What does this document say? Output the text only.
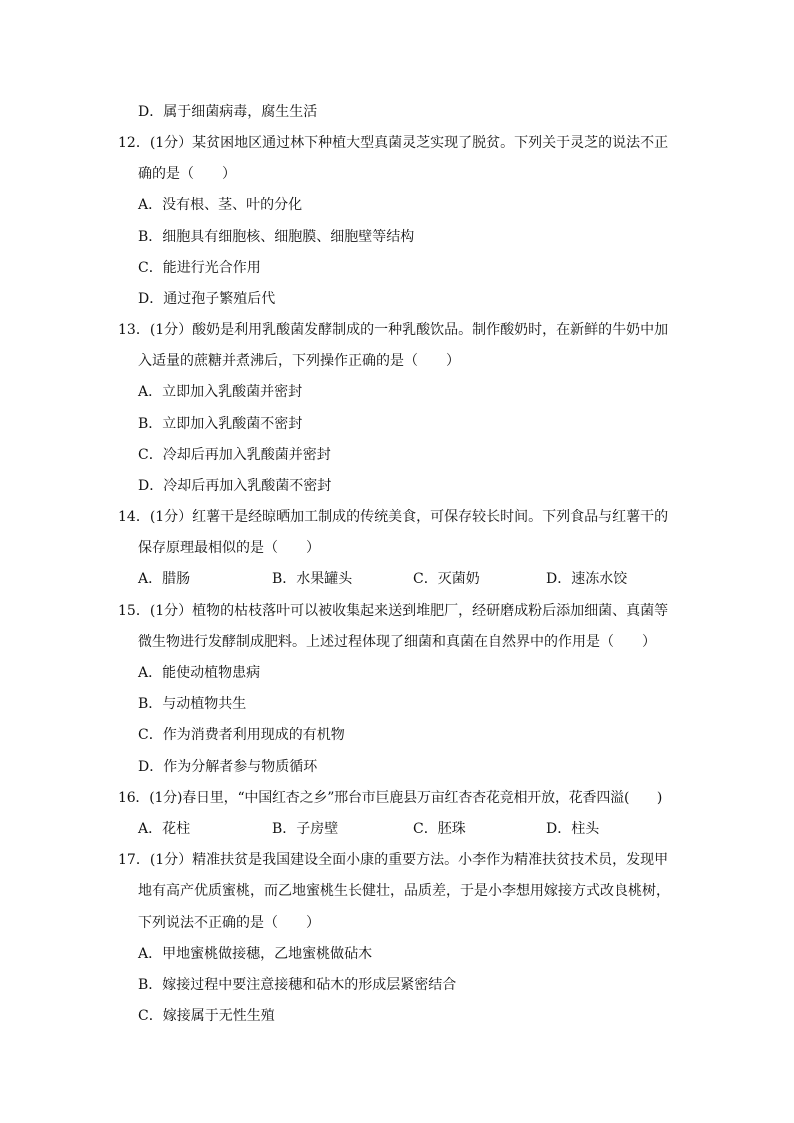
D．属于细菌病毒，腐生生活
12．(1分）某贫困地区通过林下种植大型真菌灵芝实现了脱贫。下列关于灵芝的说法不正
确的是（　　）
A．没有根、茎、叶的分化
B．细胞具有细胞核、细胞膜、细胞壁等结构
C．能进行光合作用
D．通过孢子繁殖后代
13．(1分）酸奶是利用乳酸菌发酵制成的一种乳酸饮品。制作酸奶时，在新鲜的牛奶中加
入适量的蔗糖并煮沸后，下列操作正确的是（　　）
A．立即加入乳酸菌并密封
B．立即加入乳酸菌不密封
C．冷却后再加入乳酸菌并密封
D．冷却后再加入乳酸菌不密封
14．(1分）红薯干是经晾晒加工制成的传统美食，可保存较长时间。下列食品与红薯干的
保存原理最相似的是（　　）
A．腊肠	B．水果罐头	C．灭菌奶	D．速冻水饺
15．(1分）植物的枯枝落叶可以被收集起来送到堆肥厂，经研磨成粉后添加细菌、真菌等
微生物进行发酵制成肥料。上述过程体现了细菌和真菌在自然界中的作用是（　　）
A．能使动植物患病
B．与动植物共生
C．作为消费者利用现成的有机物
D．作为分解者参与物质循环
16．(1分)春日里，“中国红杏之乡”邢台市巨鹿县万亩红杏杏花竞相开放，花香四溢(　　)
A．花柱	B．子房壁	C．胚珠	D．柱头
17．(1分）精准扶贫是我国建设全面小康的重要方法。小李作为精准扶贫技术员，发现甲
地有高产优质蜜桃，而乙地蜜桃生长健壮，品质差，于是小李想用嫁接方式改良桃树，
下列说法不正确的是（　　）
A．甲地蜜桃做接穗，乙地蜜桃做砧木
B．嫁接过程中要注意接穗和砧木的形成层紧密结合
C．嫁接属于无性生殖
